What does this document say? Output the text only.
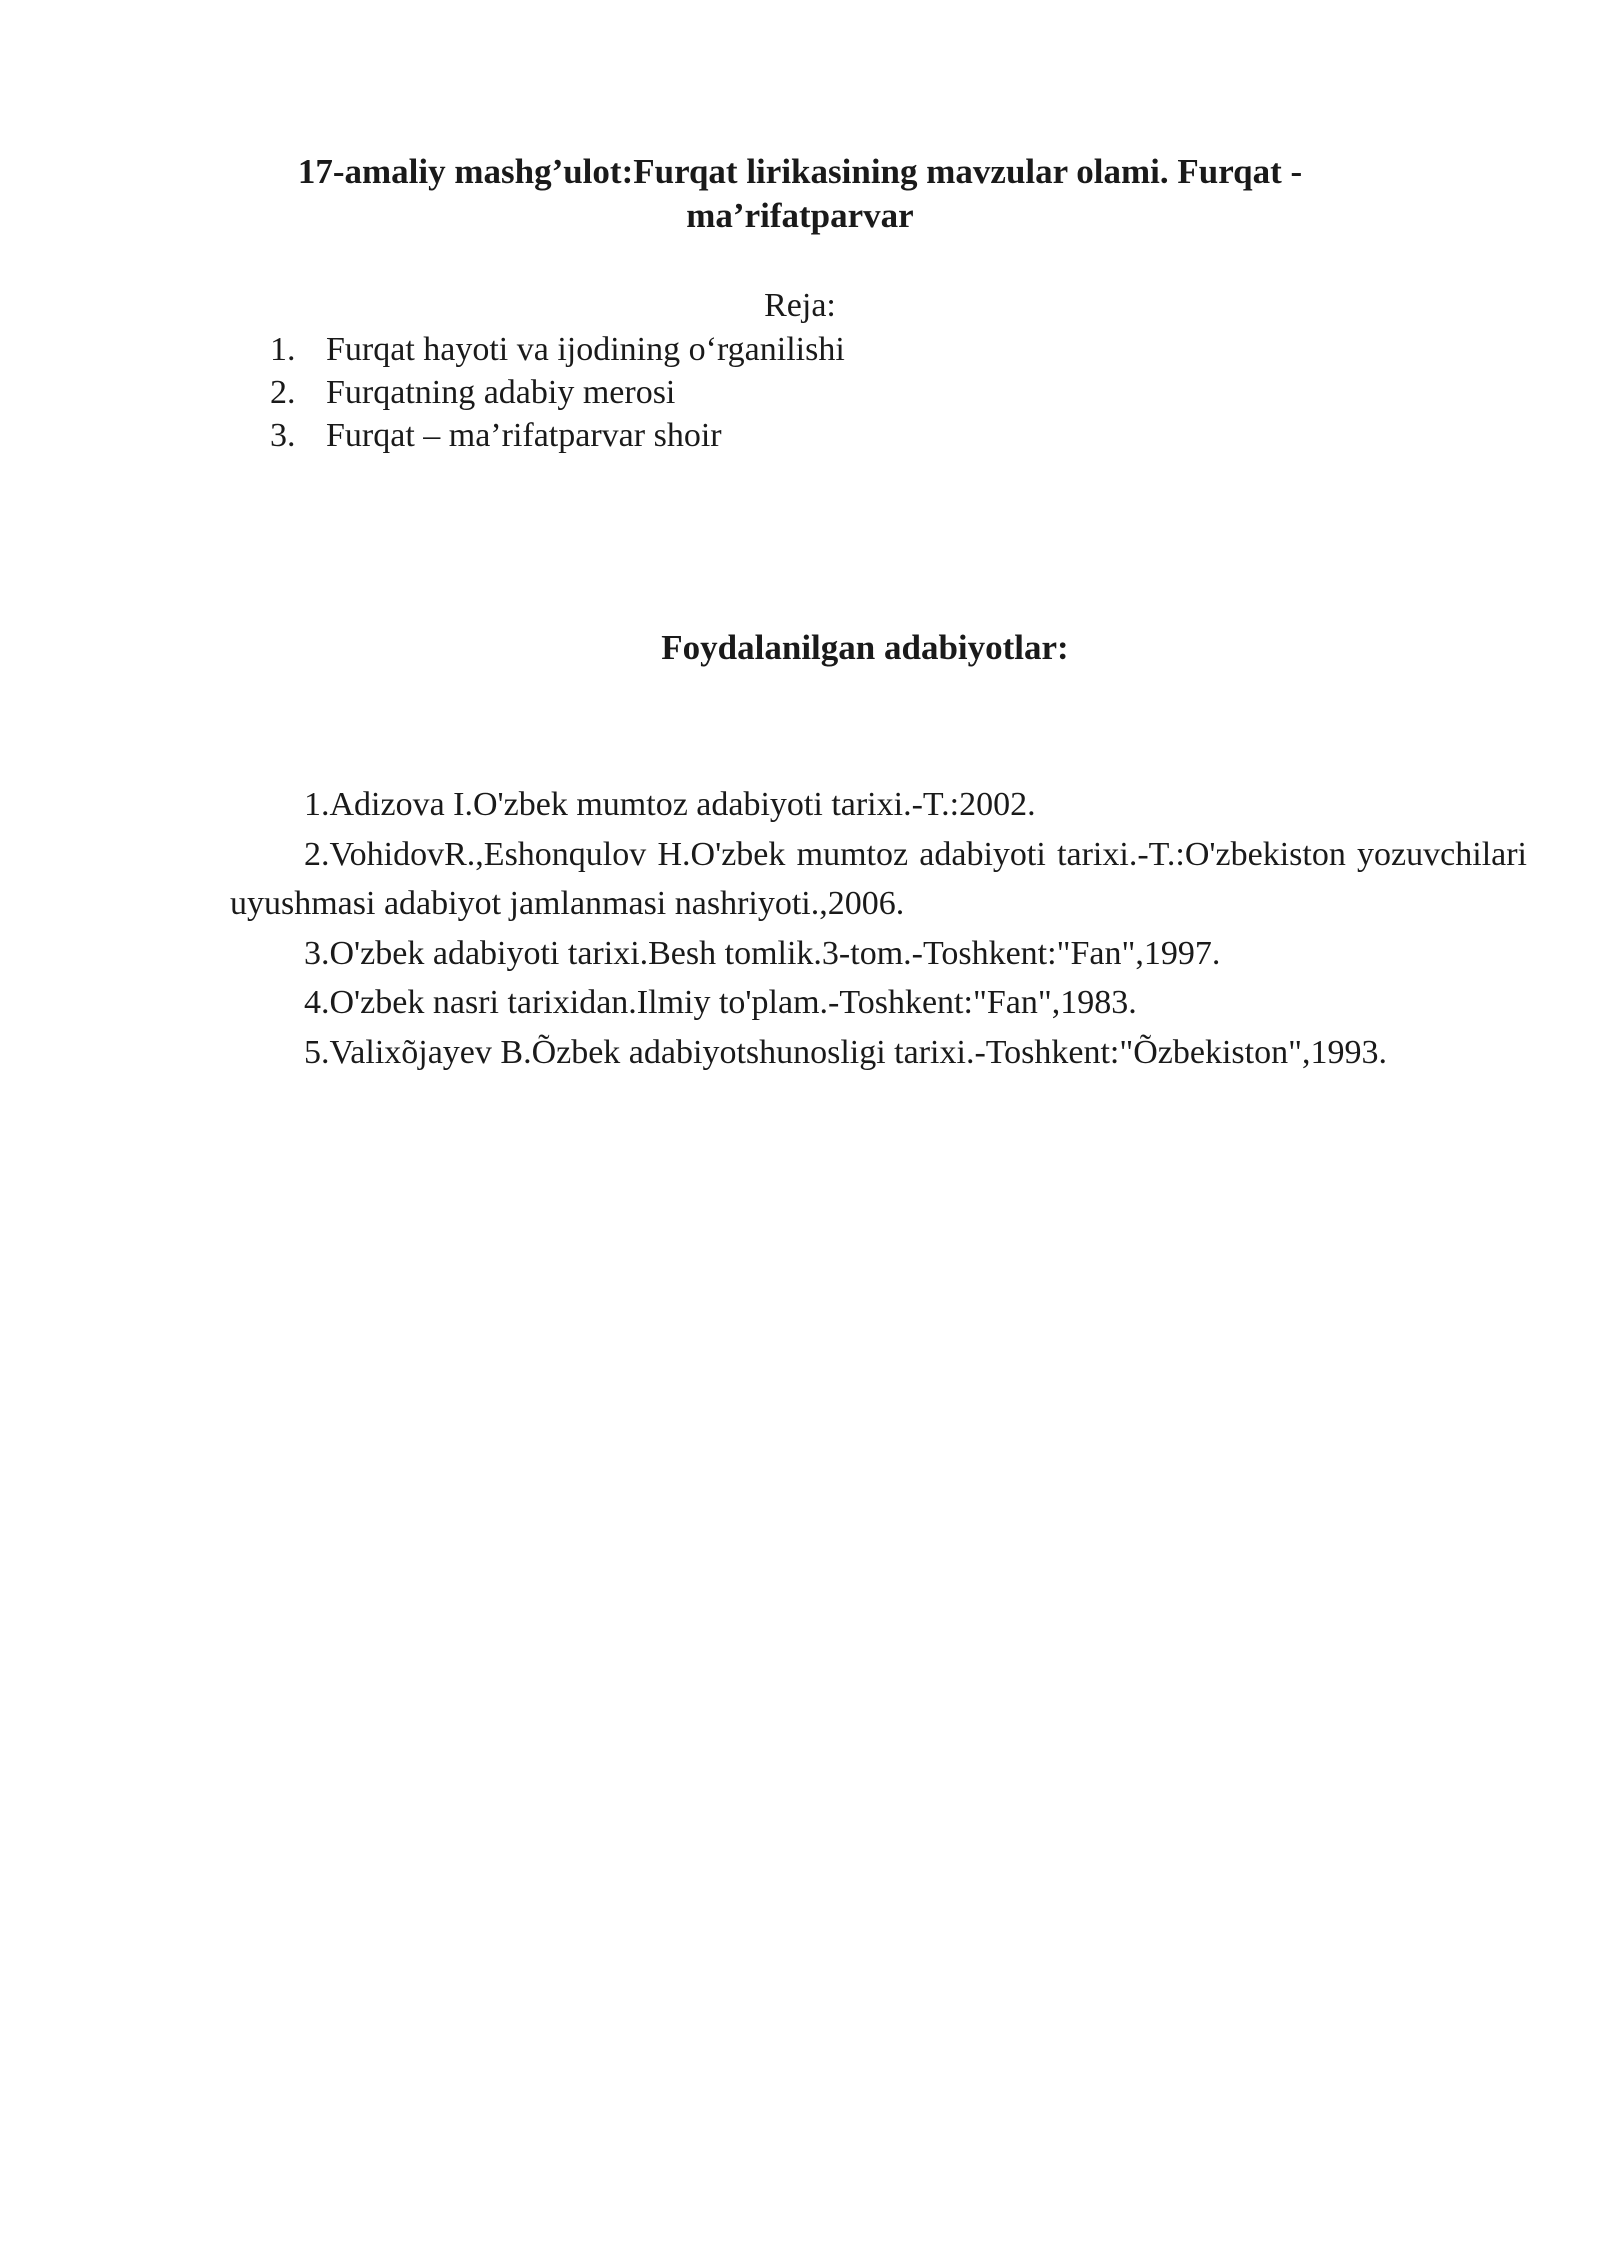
17-amaliy mashg’ulot:Furqat lirikasining mavzular olami. Furqat -
ma’rifatparvar
Reja:
1. Furqat hayoti va ijodining o‘rganilishi
2. Furqatning adabiy merosi
3. Furqat – ma’rifatparvar shoir
Foydalanilgan adabiyotlar:

1.Adizova I.O'zbek mumtoz adabiyoti tarixi.-T.:2002.

2.VohidovR.,Eshonqulov H.O'zbek mumtoz adabiyoti tarixi.-T.:O'zbekiston yozuvchilari uyushmasi adabiyot jamlanmasi nashriyoti.,2006.

3.O'zbek adabiyoti tarixi.Besh tomlik.3-tom.-Toshkent:"Fan",1997.

4.O'zbek nasri tarixidan.Ilmiy to'plam.-Toshkent:"Fan",1983.

5.Valixõjayev B.Õzbek adabiyotshunosligi tarixi.-Toshkent:"Õzbekiston",1993.
